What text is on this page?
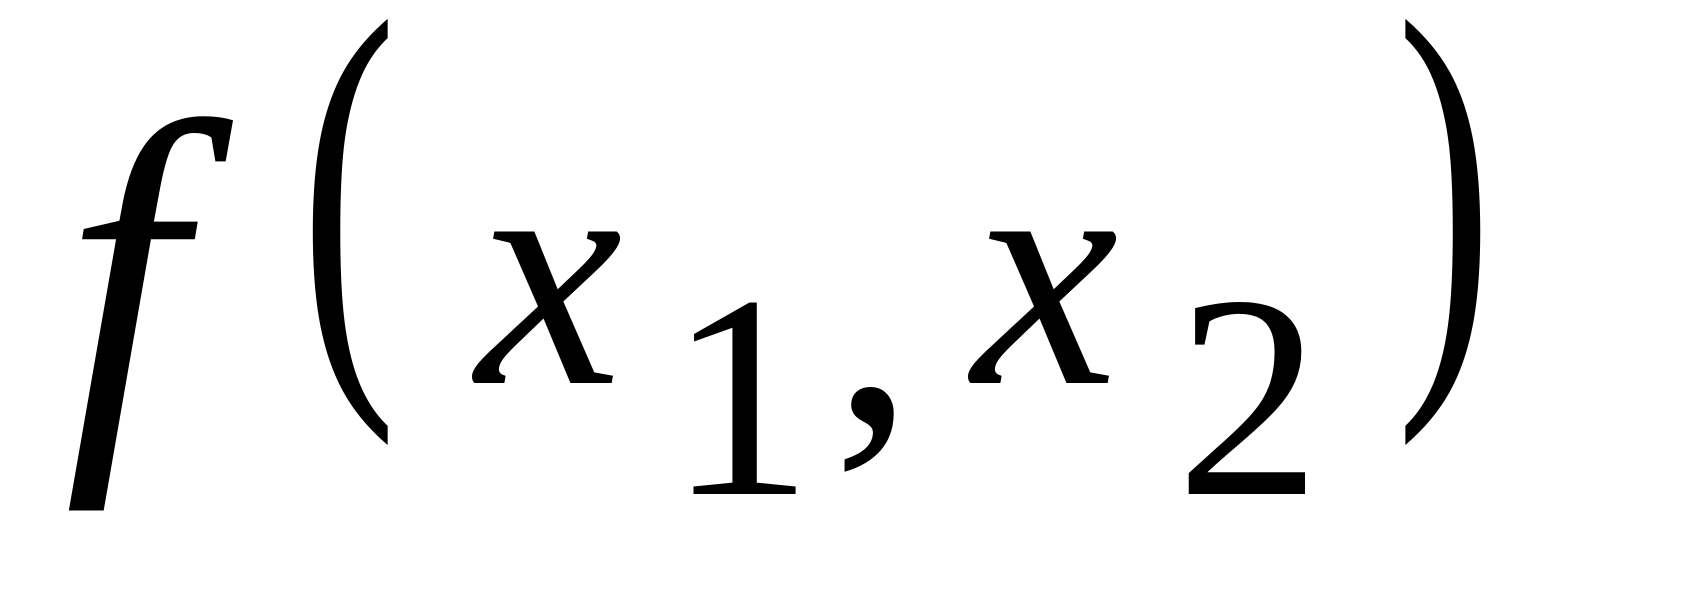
f ( x 1 , x 2 )
